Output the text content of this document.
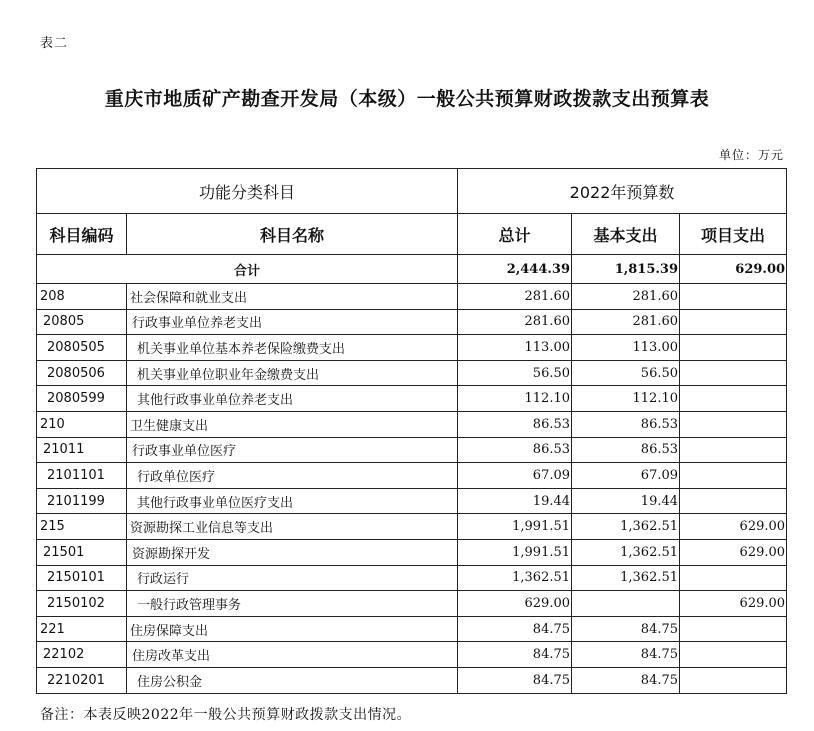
表二
重庆市地质矿产勘查开发局（本级）一般公共预算财政拨款支出预算表
单位：万元
功能分类科目		2022年预算数		
科目编码	科目名称	总计	基本支出	项目支出
合计		2,444.39	1,815.39	629.00
208	社会保障和就业支出	281.60	281.60	
20805	行政事业单位养老支出	281.60	281.60	
2080505	机关事业单位基本养老保险缴费支出	113.00	113.00	
2080506	机关事业单位职业年金缴费支出	56.50	56.50	
2080599	其他行政事业单位养老支出	112.10	112.10	
210	卫生健康支出	86.53	86.53	
21011	行政事业单位医疗	86.53	86.53	
2101101	行政单位医疗	67.09	67.09	
2101199	其他行政事业单位医疗支出	19.44	19.44	
215	资源勘探工业信息等支出	1,991.51	1,362.51	629.00
21501	资源勘探开发	1,991.51	1,362.51	629.00
2150101	行政运行	1,362.51	1,362.51	
2150102	一般行政管理事务	629.00		629.00
221	住房保障支出	84.75	84.75	
22102	住房改革支出	84.75	84.75	
2210201	住房公积金	84.75	84.75	
备注：本表反映2022年一般公共预算财政拨款支出情况。
